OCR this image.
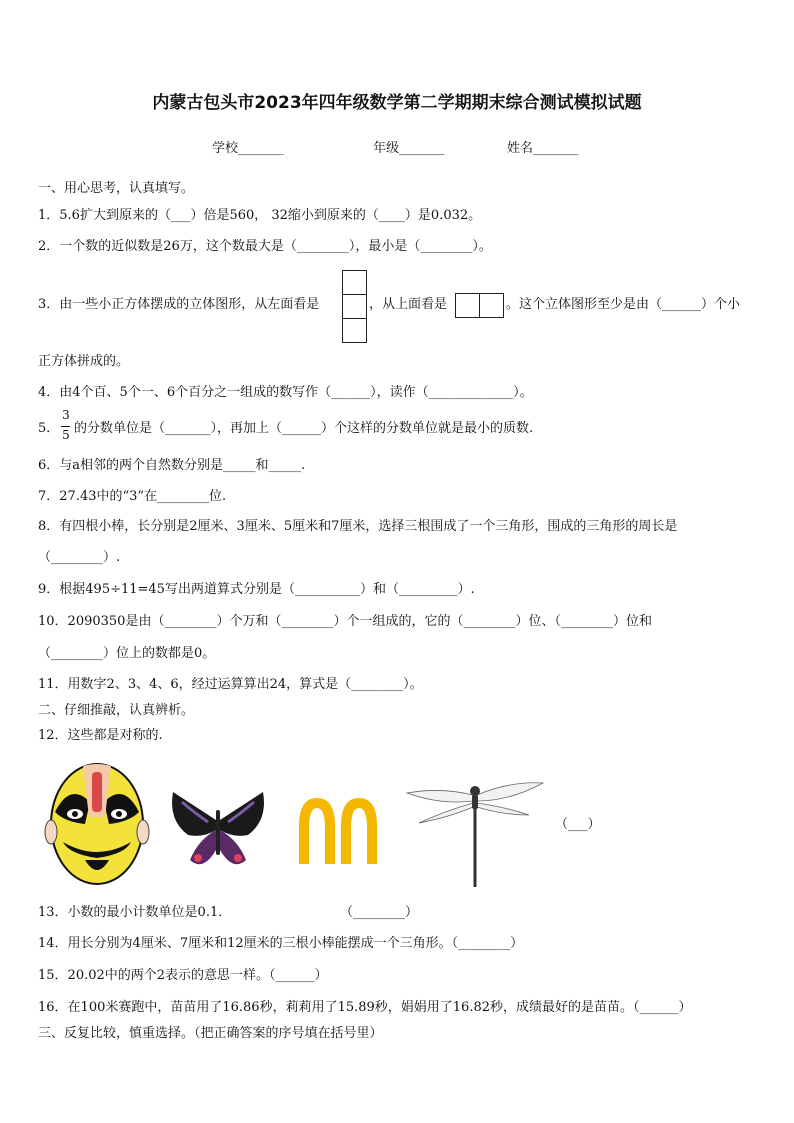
内蒙古包头市2023年四年级数学第二学期期末综合测试模拟试题
学校_______	年级_______	姓名_______
一、用心思考，认真填写。
1．5.6扩大到原来的（___）倍是560， 32缩小到原来的（____）是0.032。
2．一个数的近似数是26万，这个数最大是（________），最小是（________）。
3．由一些小正方体摆成的立体图形，从左面看是	，从上面看是	。这个立体图形至少是由（______）个小
正方体拼成的。
4．由4个百、5个一、6个百分之一组成的数写作（______），读作（_____________）。
5．
3
5 的分数单位是（_______），再加上（______）个这样的分数单位就是最小的质数.
6．与a相邻的两个自然数分别是_____和_____.
7．27.43中的“3”在________位.
8．有四根小棒，长分别是2厘米、3厘米、5厘米和7厘米，选择三根围成了一个三角形，围成的三角形的周长是
（________）.
9．根据495÷11=45写出两道算式分别是（__________）和（_________）.
10．2090350是由（________）个万和（________）个一组成的，它的（________）位、（________）位和
（________）位上的数都是0。
11．用数字2、3、4、6，经过运算算出24，算式是（________）。
二、仔细推敲，认真辨析。
12．这些都是对称的.
（___）
13．小数的最小计数单位是0.1．	（________）
14．用长分别为4厘米、7厘米和12厘米的三根小棒能摆成一个三角形。（________）
15．20.02中的两个2表示的意思一样。（______）
16．在100米赛跑中，苗苗用了16.86秒，莉莉用了15.89秒，娟娟用了16.82秒，成绩最好的是苗苗。（______）
三、反复比较，慎重选择。（把正确答案的序号填在括号里）
